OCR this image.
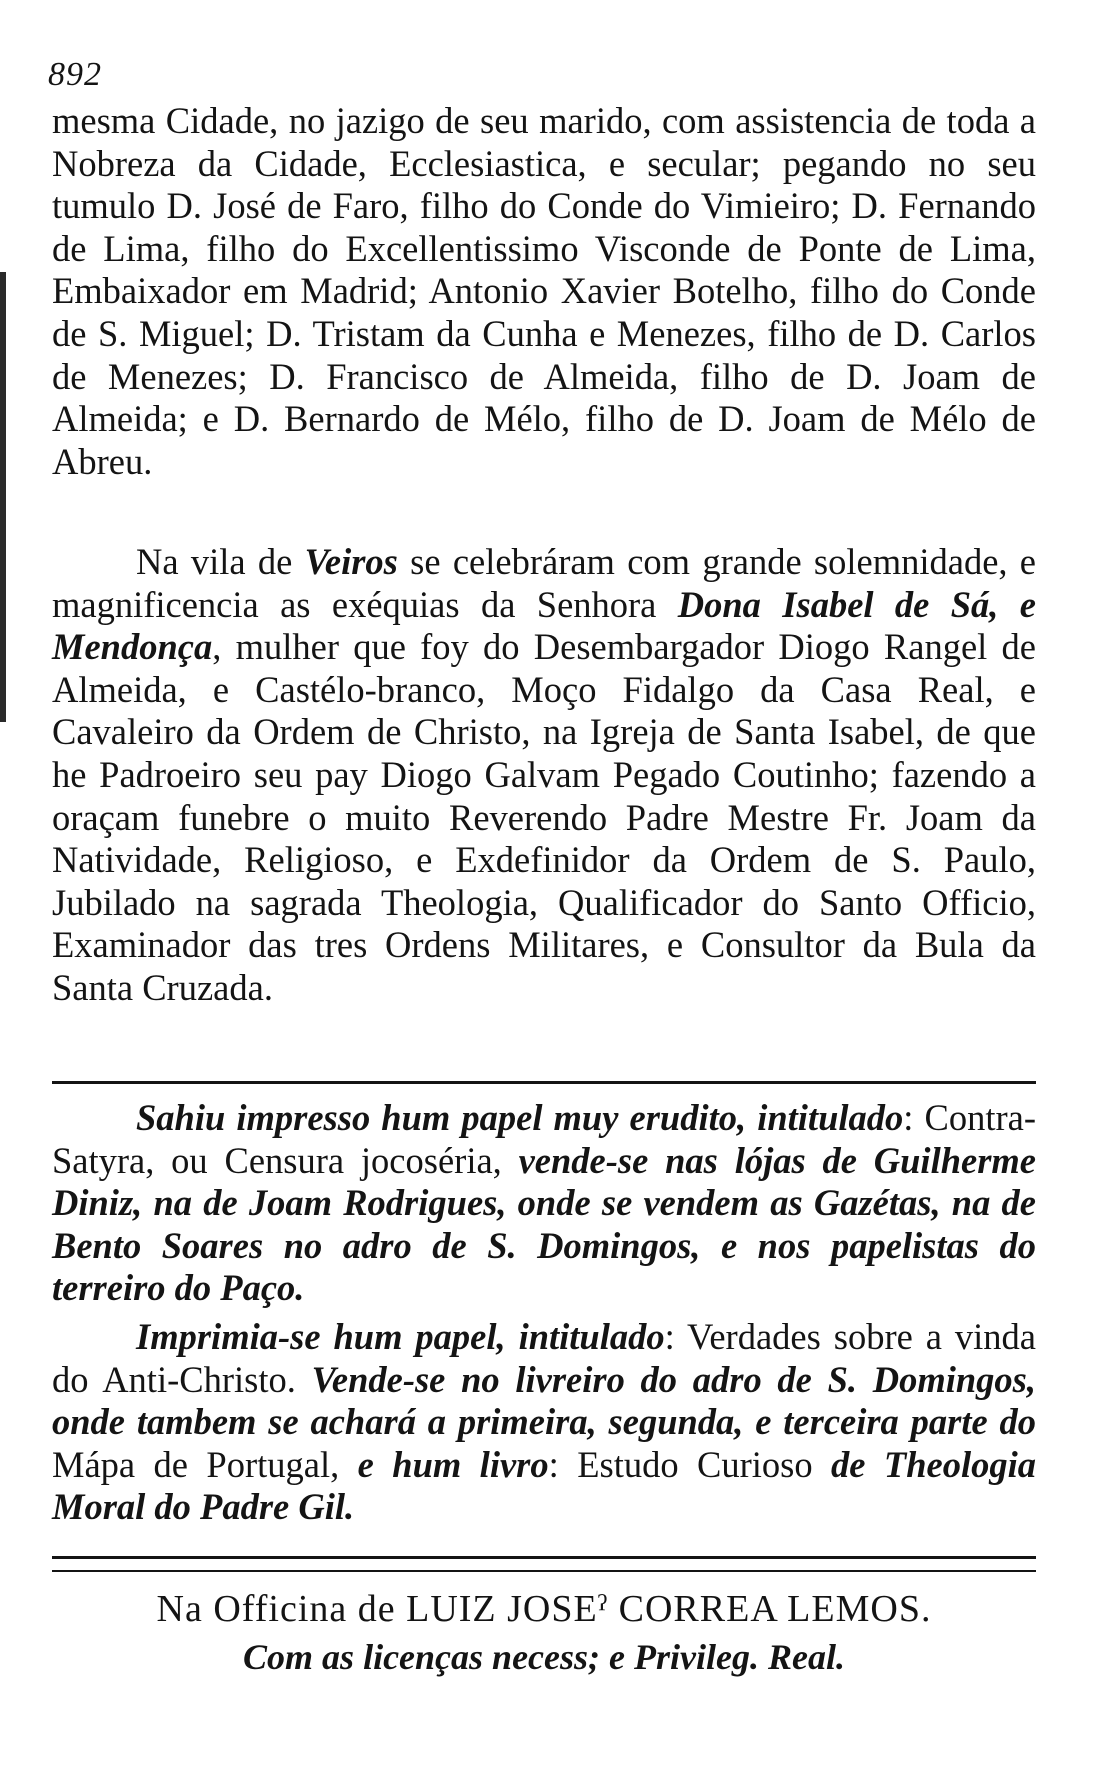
892
mesma Cidade, no jazigo de seu marido, com assistencia de toda a Nobreza da Cidade, Ecclesiastica, e secular; pegando no seu tumulo D. José de Faro, filho do Conde do Vimieiro; D. Fernando de Lima, filho do Excellentissimo Visconde de Ponte de Lima, Embaixador em Madrid; Antonio Xavier Botelho, filho do Conde de S. Miguel; D. Tristam da Cunha e Menezes, filho de D. Carlos de Menezes; D. Francisco de Almeida, filho de D. Joam de Almeida; e D. Bernardo de Mélo, filho de D. Joam de Mélo de Abreu.
Na vila de Veiros se celebráram com grande solemnidade, e magnificencia as exéquias da Senhora Dona Isabel de Sá, e Mendonça, mulher que foy do Desembargador Diogo Rangel de Almeida, e Castélo-branco, Moço Fidalgo da Casa Real, e Cavaleiro da Ordem de Christo, na Igreja de Santa Isabel, de que he Padroeiro seu pay Diogo Galvam Pegado Coutinho; fazendo a oraçam funebre o muito Reverendo Padre Mestre Fr. Joam da Natividade, Religioso, e Exdefinidor da Ordem de S. Paulo, Jubilado na sagrada Theologia, Qualificador do Santo Officio, Examinador das tres Ordens Militares, e Consultor da Bula da Santa Cruzada.
Sahiu impresso hum papel muy erudito, intitulado: Contra-Satyra, ou Censura jocoséria, vende-se nas lójas de Guilherme Diniz, na de Joam Rodrigues, onde se vendem as Gazétas, na de Bento Soares no adro de S. Domingos, e nos papelistas do terreiro do Paço.
Imprimia-se hum papel, intitulado: Verdades sobre a vinda do Anti-Christo. Vende-se no livreiro do adro de S. Domingos, onde tambem se achará a primeira, segunda, e terceira parte do Mápa de Portugal, e hum livro: Estudo Curioso de Theologia Moral do Padre Gil.
Na Officina de LUIZ JOSEˀ CORREA LEMOS.
Com as licenças necess; e Privileg. Real.
